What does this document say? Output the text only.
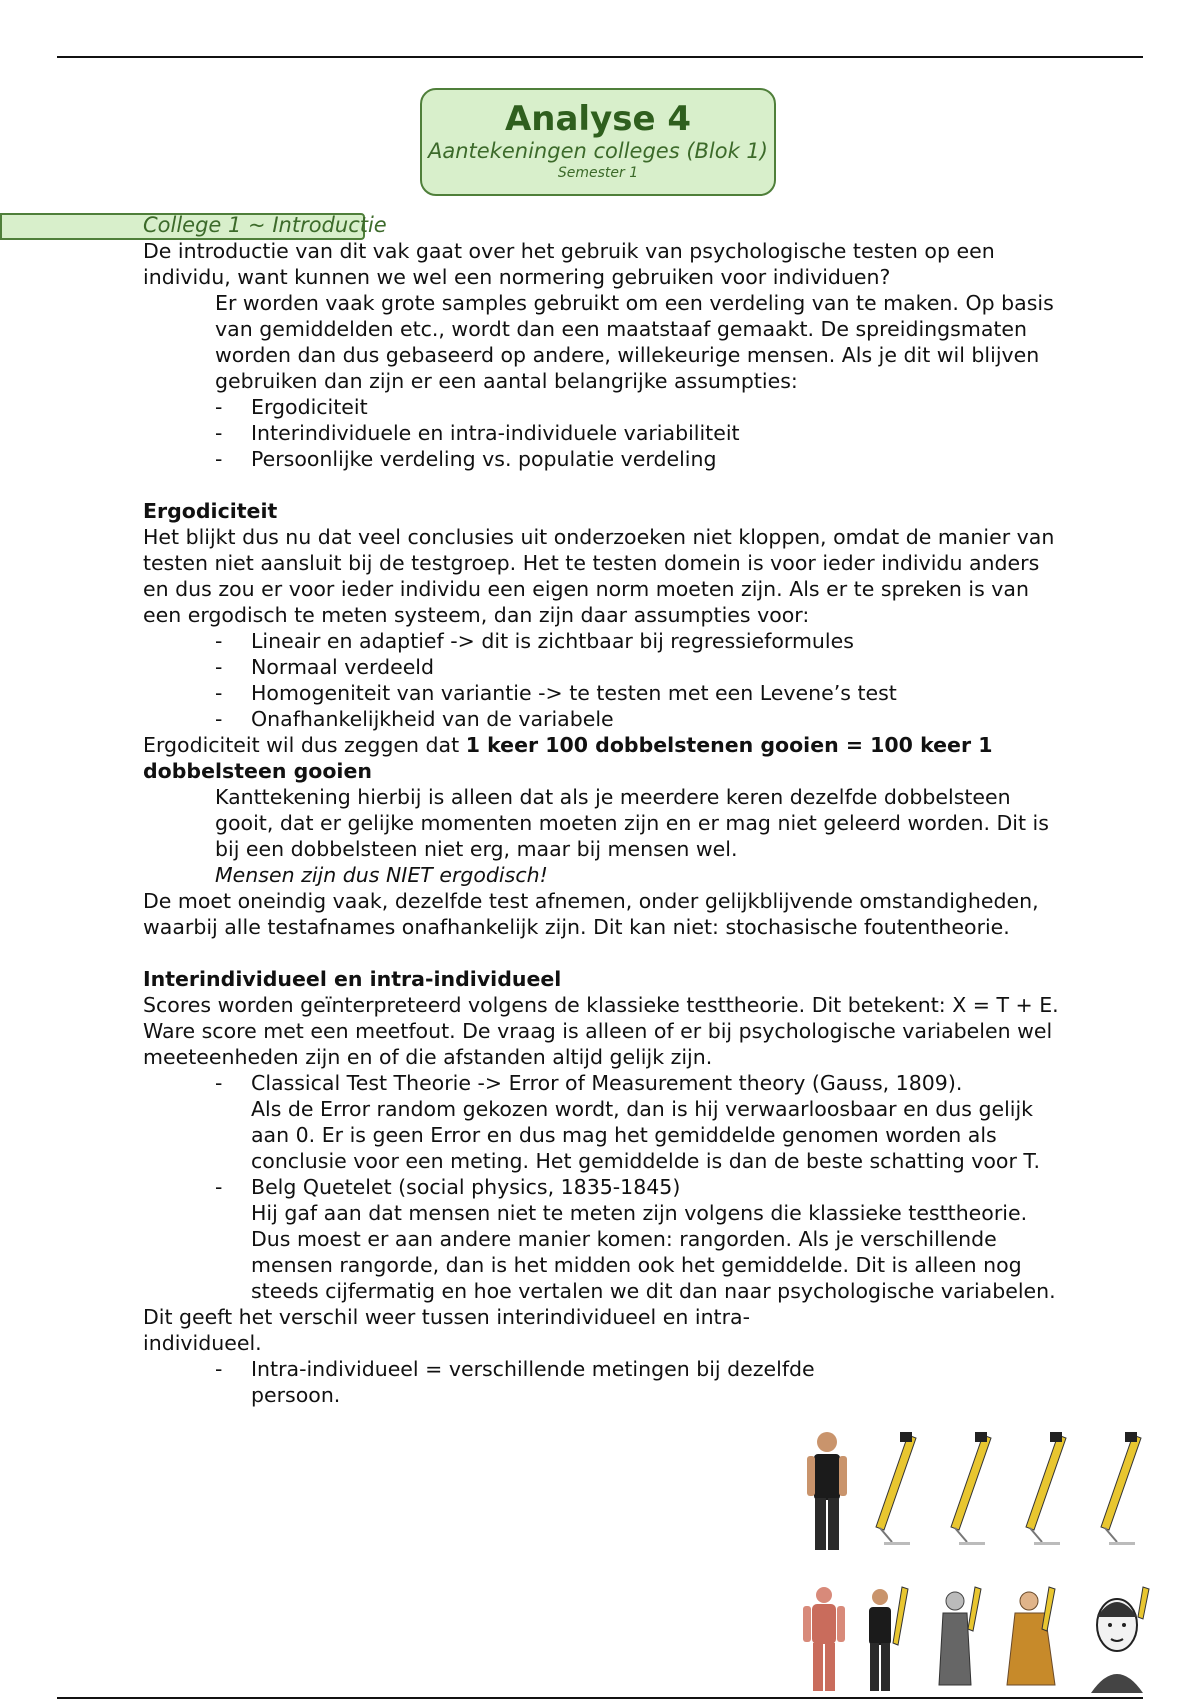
Analyse 4
Aantekeningen colleges (Blok 1)
Semester 1
College 1 ~ Introductie

De introductie van dit vak gaat over het gebruik van psychologische testen op een individu, want kunnen we wel een normering gebruiken voor individuen?

Er worden vaak grote samples gebruikt om een verdeling van te maken. Op basis van gemiddelden etc., wordt dan een maatstaaf gemaakt. De spreidingsmaten worden dan dus gebaseerd op andere, willekeurige mensen. Als je dit wil blijven gebruiken dan zijn er een aantal belangrijke assumpties:

- Ergodiciteit
- Interindividuele en intra-individuele variabiliteit
- Persoonlijke verdeling vs. populatie verdeling
Ergodiciteit

Het blijkt dus nu dat veel conclusies uit onderzoeken niet kloppen, omdat de manier van testen niet aansluit bij de testgroep. Het te testen domein is voor ieder individu anders en dus zou er voor ieder individu een eigen norm moeten zijn. Als er te spreken is van een ergodisch te meten systeem, dan zijn daar assumpties voor:

- Lineair en adaptief -> dit is zichtbaar bij regressieformules
- Normaal verdeeld
- Homogeniteit van variantie -> te testen met een Levene’s test
- Onafhankelijkheid van de variabele

Ergodiciteit wil dus zeggen dat 1 keer 100 dobbelstenen gooien = 100 keer 1 dobbelsteen gooien

Kanttekening hierbij is alleen dat als je meerdere keren dezelfde dobbelsteen gooit, dat er gelijke momenten moeten zijn en er mag niet geleerd worden. Dit is bij een dobbelsteen niet erg, maar bij mensen wel.
Mensen zijn dus NIET ergodisch!

De moet oneindig vaak, dezelfde test afnemen, onder gelijkblijvende omstandigheden, waarbij alle testafnames onafhankelijk zijn. Dit kan niet: stochasische foutentheorie.

Interindividueel en intra-individueel

Scores worden geïnterpreteerd volgens de klassieke testtheorie. Dit betekent: X = T + E.

Ware score met een meetfout. De vraag is alleen of er bij psychologische variabelen wel meeteenheden zijn en of die afstanden altijd gelijk zijn.

- Classical Test Theorie -> Error of Measurement theory (Gauss, 1809).
Als de Error random gekozen wordt, dan is hij verwaarloosbaar en dus gelijk aan 0. Er is geen Error en dus mag het gemiddelde genomen worden als conclusie voor een meting. Het gemiddelde is dan de beste schatting voor T.
- Belg Quetelet (social physics, 1835-1845)
Hij gaf aan dat mensen niet te meten zijn volgens die klassieke testtheorie. Dus moest er aan andere manier komen: rangorden. Als je verschillende mensen rangorde, dan is het midden ook het gemiddelde. Dit is alleen nog steeds cijfermatig en hoe vertalen we dit dan naar psychologische variabelen.

Dit geeft het verschil weer tussen interindividueel en intra-individueel.

- Intra-individueel = verschillende metingen bij dezelfde persoon.
